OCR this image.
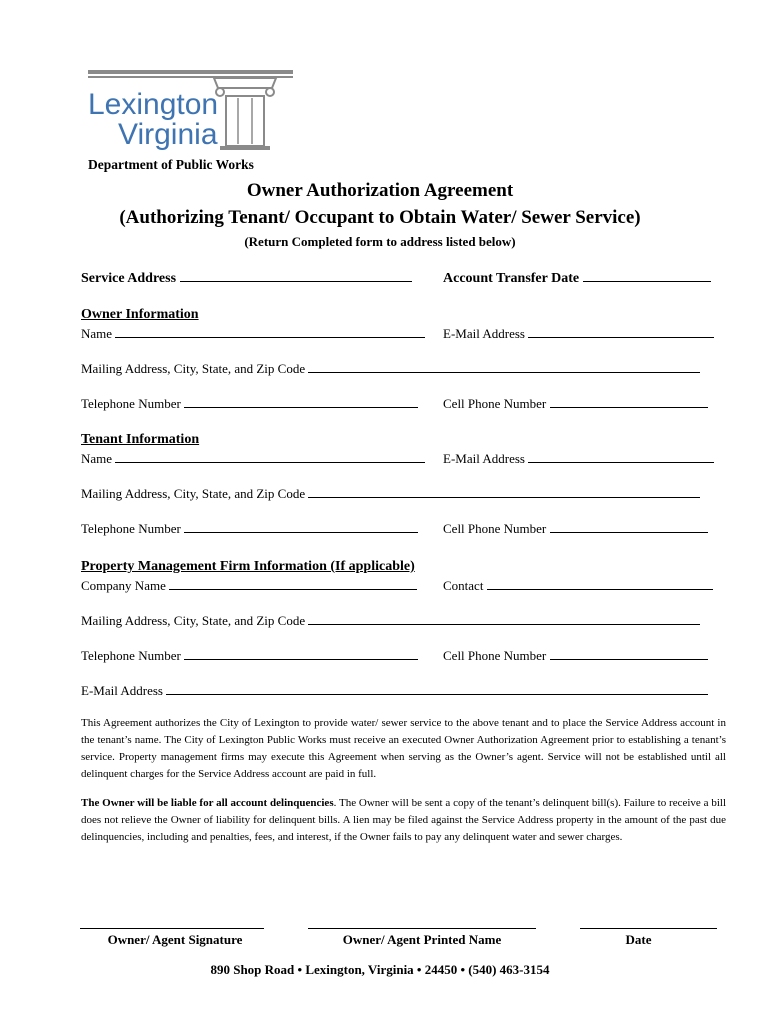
Lexington
Virginia
Department of Public Works
Owner Authorization Agreement
(Authorizing Tenant/ Occupant to Obtain Water/ Sewer Service)
(Return Completed form to address listed below)
Service Address	Account Transfer Date
Owner Information
Name	E-Mail Address
Mailing Address, City, State, and Zip Code
Telephone Number	Cell Phone Number
Tenant Information
Name	E-Mail Address
Mailing Address, City, State, and Zip Code
Telephone Number	Cell Phone Number
Property Management Firm Information (If applicable)
Company Name	Contact
Mailing Address, City, State, and Zip Code
Telephone Number	Cell Phone Number
E-Mail Address
This Agreement authorizes the City of Lexington to provide water/ sewer service to the above tenant and to place the Service Address account in the tenant’s name. The City of Lexington Public Works must receive an executed Owner Authorization Agreement prior to establishing a tenant’s service. Property management firms may execute this Agreement when serving as the Owner’s agent. Service will not be established until all delinquent charges for the Service Address account are paid in full.
The Owner will be liable for all account delinquencies. The Owner will be sent a copy of the tenant’s delinquent bill(s). Failure to receive a bill does not relieve the Owner of liability for delinquent bills. A lien may be filed against the Service Address property in the amount of the past due delinquencies, including and penalties, fees, and interest, if the Owner fails to pay any delinquent water and sewer charges.
Owner/ Agent Signature	Owner/ Agent Printed Name	Date
890 Shop Road • Lexington, Virginia • 24450 • (540) 463-3154
